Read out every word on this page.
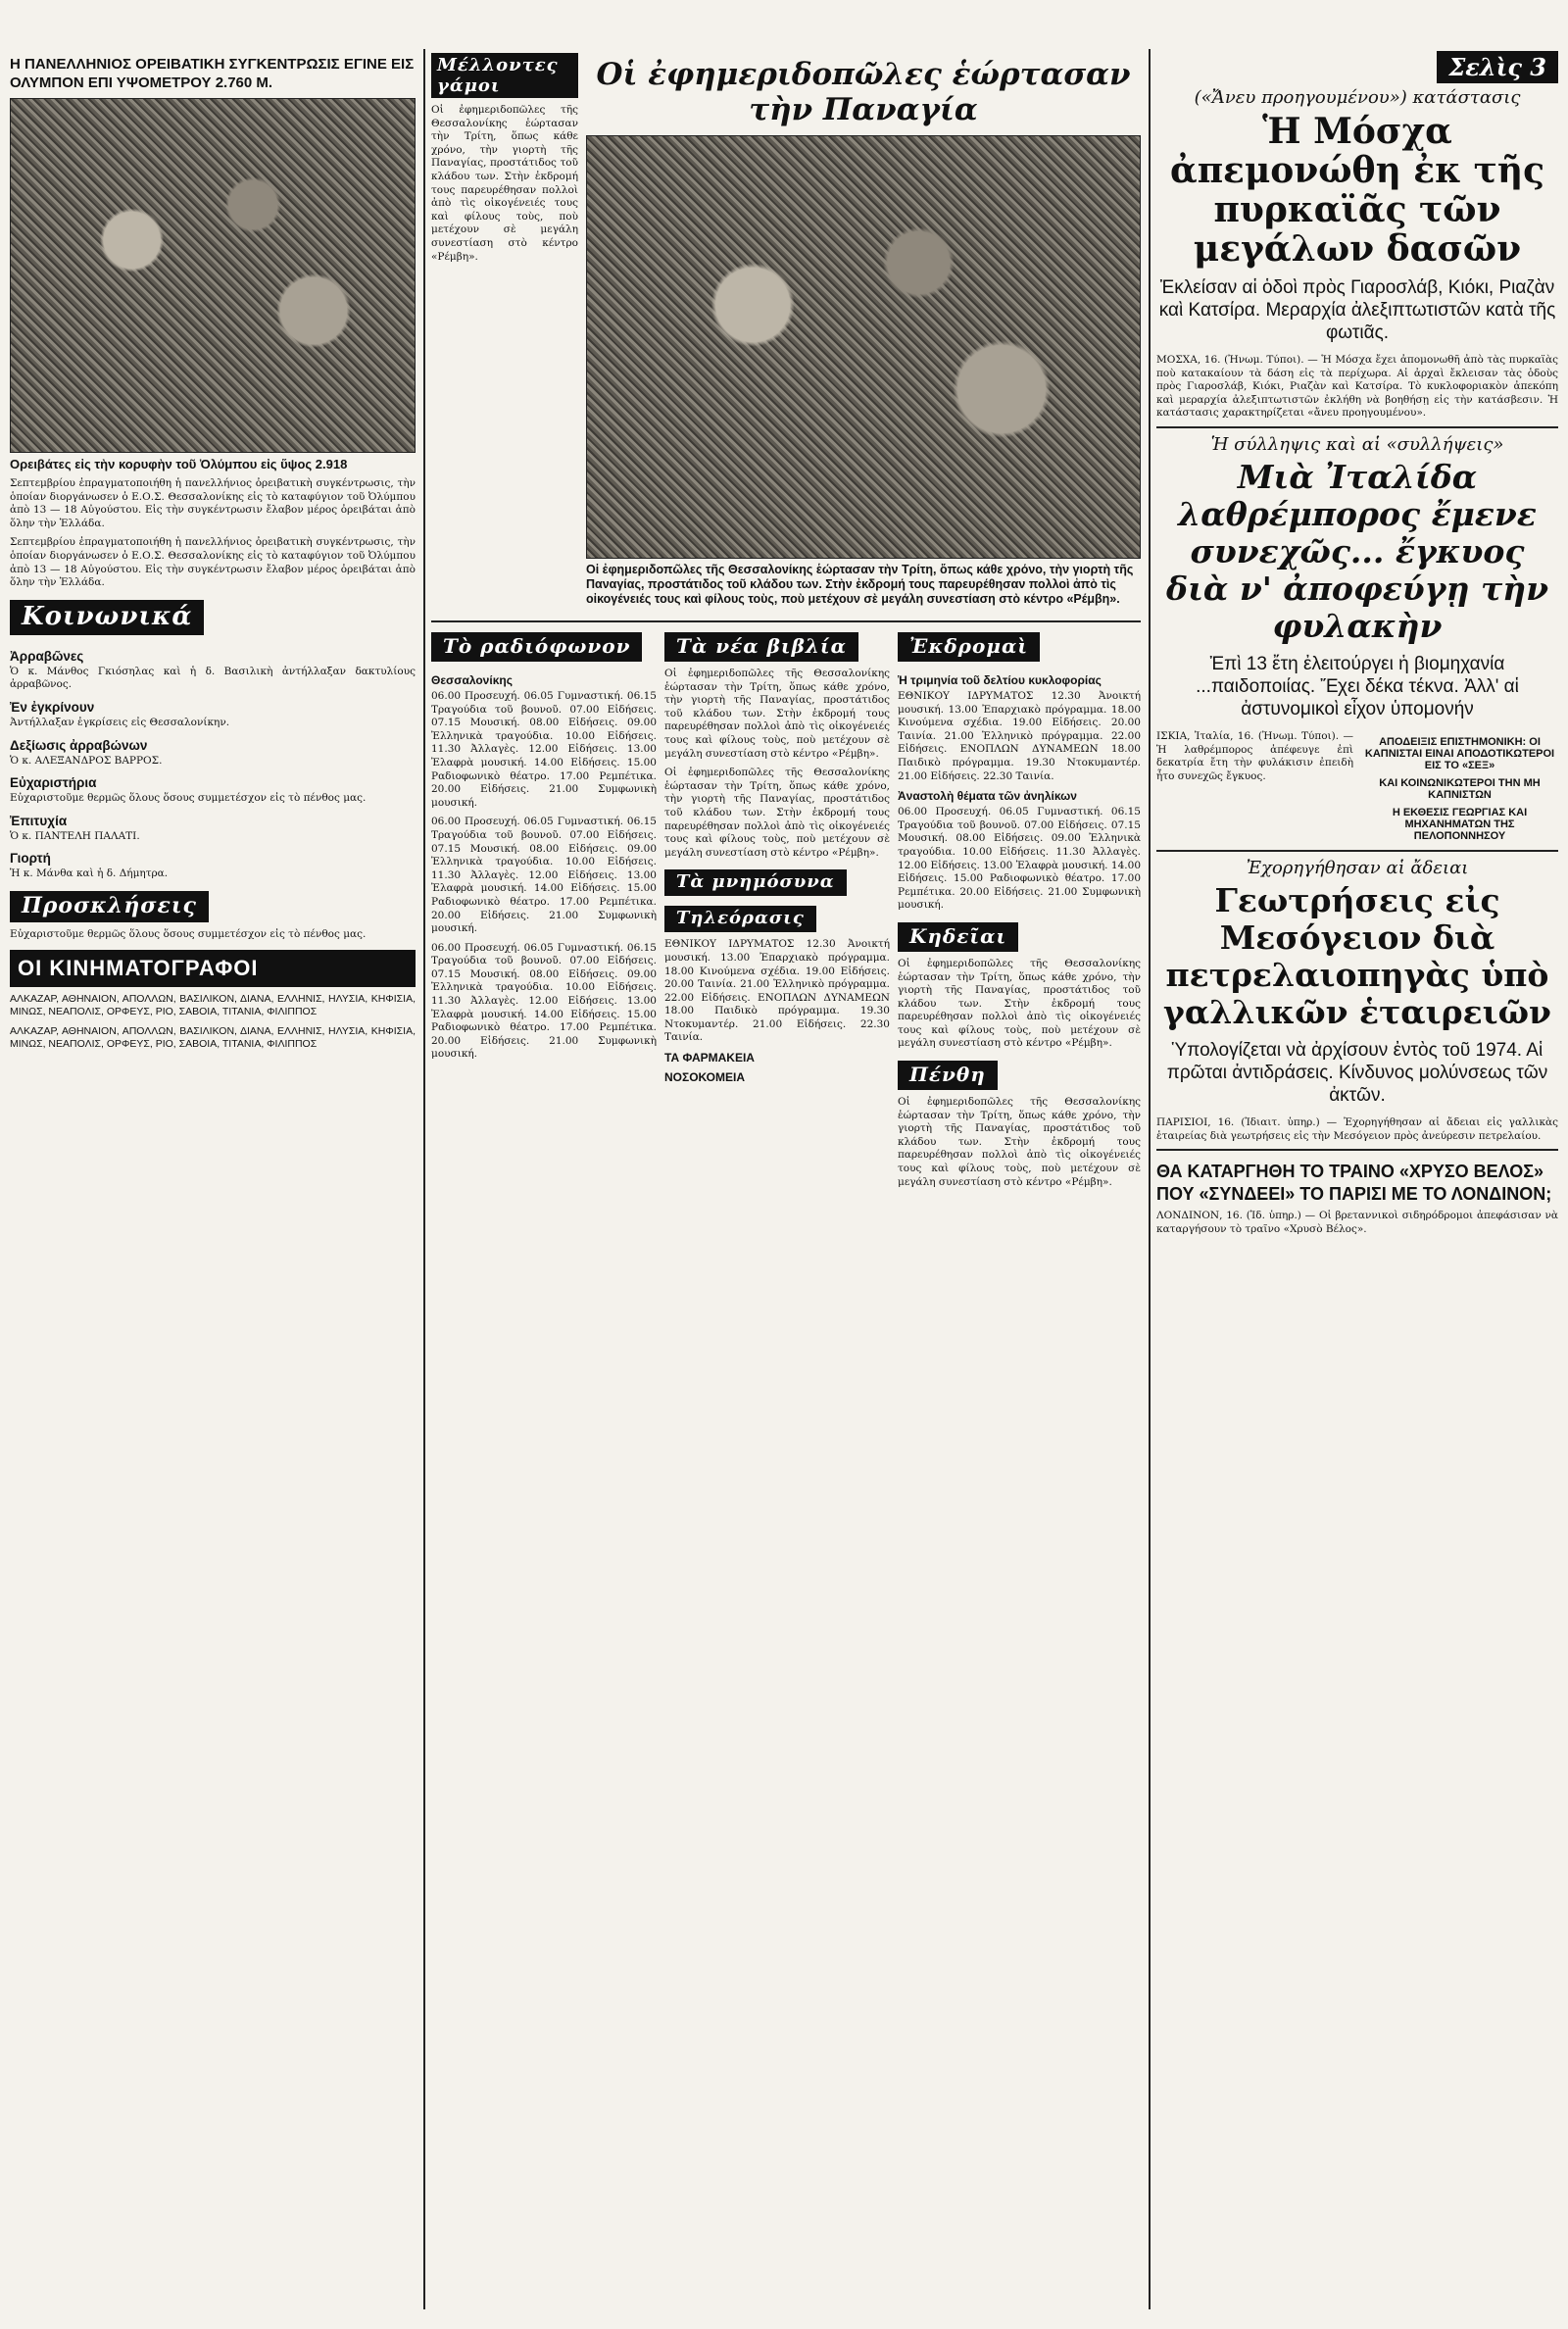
Η ΠΑΝΕΛΛΗΝΙΟΣ ΟΡΕΙΒΑΤΙΚΗ ΣΥΓΚΕΝΤΡΩΣΙΣ ΕΓΙΝΕ ΕΙΣ ΟΛΥΜΠΟΝ ΕΠΙ ΥΨΟΜΕΤΡΟΥ 2.760 Μ.
Ορειβάτες εἰς τὴν κορυφὴν τοῦ Ὀλύμπου εἰς ὕψος 2.918

Σεπτεμβρίου ἐπραγματοποιήθη ἡ πανελλήνιος ὀρειβατικὴ συγκέντρωσις, τὴν ὁποίαν διοργάνωσεν ὁ Ε.Ο.Σ. Θεσσαλονίκης εἰς τὸ καταφύγιον τοῦ Ὀλύμπου ἀπὸ 13 — 18 Αὐγούστου. Εἰς τὴν συγκέντρωσιν ἔλαβον μέρος ὀρειβάται ἀπὸ ὅλην τὴν Ἑλλάδα.

Σεπτεμβρίου ἐπραγματοποιήθη ἡ πανελλήνιος ὀρειβατικὴ συγκέντρωσις, τὴν ὁποίαν διοργάνωσεν ὁ Ε.Ο.Σ. Θεσσαλονίκης εἰς τὸ καταφύγιον τοῦ Ὀλύμπου ἀπὸ 13 — 18 Αὐγούστου. Εἰς τὴν συγκέντρωσιν ἔλαβον μέρος ὀρειβάται ἀπὸ ὅλην τὴν Ἑλλάδα.

Κοινωνικά
Ἀρραβῶνες

Ὁ κ. Μάνθος Γκιόσηλας καὶ ἡ δ. Βασιλικὴ ἀντήλλαξαν δακτυλίους ἀρραβῶνος.

Ἐν ἐγκρίνουν

Ἀντήλλαξαν ἐγκρίσεις εἰς Θεσσαλονίκην.

Δεξίωσις ἀρραβώνων

Ὁ κ. ΑΛΕΞΑΝΔΡΟΣ ΒΑΡΡΟΣ.

Εὐχαριστήρια

Εὐχαριστοῦμε θερμῶς ὅλους ὅσους συμμετέσχον εἰς τὸ πένθος μας.

Ἐπιτυχία

Ὁ κ. ΠΑΝΤΕΛΗ ΠΑΛΑΤΙ.

Γιορτή

Ἡ κ. Μάνθα καὶ ἡ δ. Δήμητρα.

Προσκλήσεις

Εὐχαριστοῦμε θερμῶς ὅλους ὅσους συμμετέσχον εἰς τὸ πένθος μας.

ΟΙ ΚΙΝΗΜΑΤΟΓΡΑΦΟΙ

ΑΛΚΑΖΑΡ, ΑΘΗΝΑΙΟΝ, ΑΠΟΛΛΩΝ, ΒΑΣΙΛΙΚΟΝ, ΔΙΑΝΑ, ΕΛΛΗΝΙΣ, ΗΛΥΣΙΑ, ΚΗΦΙΣΙΑ, ΜΙΝΩΣ, ΝΕΑΠΟΛΙΣ, ΟΡΦΕΥΣ, ΡΙΟ, ΣΑΒΟΙΑ, ΤΙΤΑΝΙΑ, ΦΙΛΙΠΠΟΣ

ΑΛΚΑΖΑΡ, ΑΘΗΝΑΙΟΝ, ΑΠΟΛΛΩΝ, ΒΑΣΙΛΙΚΟΝ, ΔΙΑΝΑ, ΕΛΛΗΝΙΣ, ΗΛΥΣΙΑ, ΚΗΦΙΣΙΑ, ΜΙΝΩΣ, ΝΕΑΠΟΛΙΣ, ΟΡΦΕΥΣ, ΡΙΟ, ΣΑΒΟΙΑ, ΤΙΤΑΝΙΑ, ΦΙΛΙΠΠΟΣ

Μέλλοντες γάμοι

Οἱ ἐφημεριδοπῶλες τῆς Θεσσαλονίκης ἑώρτασαν τὴν Τρίτη, ὅπως κάθε χρόνο, τὴν γιορτὴ τῆς Παναγίας, προστάτιδος τοῦ κλάδου των. Στὴν ἐκδρομή τους παρευρέθησαν πολλοὶ ἀπὸ τὶς οἰκογένειές τους καὶ φίλους τοὺς, ποὺ μετέχουν σὲ μεγάλη συνεστίαση στὸ κέντρο «Ρέμβη».

Οἱ ἐφημεριδοπῶλες ἑώρτασαν τὴν Παναγία
Οἱ ἐφημεριδοπῶλες τῆς Θεσσαλονίκης ἑώρτασαν τὴν Τρίτη, ὅπως κάθε χρόνο, τὴν γιορτὴ τῆς Παναγίας, προστάτιδος τοῦ κλάδου των. Στὴν ἐκδρομή τους παρευρέθησαν πολλοὶ ἀπὸ τὶς οἰκογένειές τους καὶ φίλους τοὺς, ποὺ μετέχουν σὲ μεγάλη συνεστίαση στὸ κέντρο «Ρέμβη».
Τὸ ραδιόφωνον
Θεσσαλονίκης

06.00 Προσευχή. 06.05 Γυμναστική. 06.15 Τραγούδια τοῦ βουνοῦ. 07.00 Εἰδήσεις. 07.15 Μουσική. 08.00 Εἰδήσεις. 09.00 Ἐλληνικὰ τραγούδια. 10.00 Εἰδήσεις. 11.30 Ἀλλαγὲς. 12.00 Εἰδήσεις. 13.00 Ἐλαφρὰ μουσική. 14.00 Εἰδήσεις. 15.00 Ραδιοφωνικὸ θέατρο. 17.00 Ρεμπέτικα. 20.00 Εἰδήσεις. 21.00 Συμφωνικὴ μουσική.

06.00 Προσευχή. 06.05 Γυμναστική. 06.15 Τραγούδια τοῦ βουνοῦ. 07.00 Εἰδήσεις. 07.15 Μουσική. 08.00 Εἰδήσεις. 09.00 Ἐλληνικὰ τραγούδια. 10.00 Εἰδήσεις. 11.30 Ἀλλαγὲς. 12.00 Εἰδήσεις. 13.00 Ἐλαφρὰ μουσική. 14.00 Εἰδήσεις. 15.00 Ραδιοφωνικὸ θέατρο. 17.00 Ρεμπέτικα. 20.00 Εἰδήσεις. 21.00 Συμφωνικὴ μουσική.

06.00 Προσευχή. 06.05 Γυμναστική. 06.15 Τραγούδια τοῦ βουνοῦ. 07.00 Εἰδήσεις. 07.15 Μουσική. 08.00 Εἰδήσεις. 09.00 Ἐλληνικὰ τραγούδια. 10.00 Εἰδήσεις. 11.30 Ἀλλαγὲς. 12.00 Εἰδήσεις. 13.00 Ἐλαφρὰ μουσική. 14.00 Εἰδήσεις. 15.00 Ραδιοφωνικὸ θέατρο. 17.00 Ρεμπέτικα. 20.00 Εἰδήσεις. 21.00 Συμφωνικὴ μουσική.

Τὰ νέα βιβλία

Οἱ ἐφημεριδοπῶλες τῆς Θεσσαλονίκης ἑώρτασαν τὴν Τρίτη, ὅπως κάθε χρόνο, τὴν γιορτὴ τῆς Παναγίας, προστάτιδος τοῦ κλάδου των. Στὴν ἐκδρομή τους παρευρέθησαν πολλοὶ ἀπὸ τὶς οἰκογένειές τους καὶ φίλους τοὺς, ποὺ μετέχουν σὲ μεγάλη συνεστίαση στὸ κέντρο «Ρέμβη».

Οἱ ἐφημεριδοπῶλες τῆς Θεσσαλονίκης ἑώρτασαν τὴν Τρίτη, ὅπως κάθε χρόνο, τὴν γιορτὴ τῆς Παναγίας, προστάτιδος τοῦ κλάδου των. Στὴν ἐκδρομή τους παρευρέθησαν πολλοὶ ἀπὸ τὶς οἰκογένειές τους καὶ φίλους τοὺς, ποὺ μετέχουν σὲ μεγάλη συνεστίαση στὸ κέντρο «Ρέμβη».

Τὰ μνημόσυνα Τηλεόρασις

ΕΘΝΙΚΟΥ ΙΔΡΥΜΑΤΟΣ 12.30 Ἀνοικτή μουσική. 13.00 Ἐπαρχιακὸ πρόγραμμα. 18.00 Κινούμενα σχέδια. 19.00 Εἰδήσεις. 20.00 Ταινία. 21.00 Ἑλληνικὸ πρόγραμμα. 22.00 Εἰδήσεις. ΕΝΟΠΛΩΝ ΔΥΝΑΜΕΩΝ 18.00 Παιδικὸ πρόγραμμα. 19.30 Ντοκυμαντέρ. 21.00 Εἰδήσεις. 22.30 Ταινία.

ΤΑ ΦΑΡΜΑΚΕΙΑ
ΝΟΣΟΚΟΜΕΙΑ
Ἐκδρομαὶ
Ἡ τριμηνία τοῦ δελτίου κυκλοφορίας

ΕΘΝΙΚΟΥ ΙΔΡΥΜΑΤΟΣ 12.30 Ἀνοικτή μουσική. 13.00 Ἐπαρχιακὸ πρόγραμμα. 18.00 Κινούμενα σχέδια. 19.00 Εἰδήσεις. 20.00 Ταινία. 21.00 Ἑλληνικὸ πρόγραμμα. 22.00 Εἰδήσεις. ΕΝΟΠΛΩΝ ΔΥΝΑΜΕΩΝ 18.00 Παιδικὸ πρόγραμμα. 19.30 Ντοκυμαντέρ. 21.00 Εἰδήσεις. 22.30 Ταινία.

Ἀναστολὴ θέματα τῶν ἀνηλίκων

06.00 Προσευχή. 06.05 Γυμναστική. 06.15 Τραγούδια τοῦ βουνοῦ. 07.00 Εἰδήσεις. 07.15 Μουσική. 08.00 Εἰδήσεις. 09.00 Ἐλληνικὰ τραγούδια. 10.00 Εἰδήσεις. 11.30 Ἀλλαγὲς. 12.00 Εἰδήσεις. 13.00 Ἐλαφρὰ μουσική. 14.00 Εἰδήσεις. 15.00 Ραδιοφωνικὸ θέατρο. 17.00 Ρεμπέτικα. 20.00 Εἰδήσεις. 21.00 Συμφωνικὴ μουσική.

Κηδεῖαι

Οἱ ἐφημεριδοπῶλες τῆς Θεσσαλονίκης ἑώρτασαν τὴν Τρίτη, ὅπως κάθε χρόνο, τὴν γιορτὴ τῆς Παναγίας, προστάτιδος τοῦ κλάδου των. Στὴν ἐκδρομή τους παρευρέθησαν πολλοὶ ἀπὸ τὶς οἰκογένειές τους καὶ φίλους τοὺς, ποὺ μετέχουν σὲ μεγάλη συνεστίαση στὸ κέντρο «Ρέμβη».

Πένθη

Οἱ ἐφημεριδοπῶλες τῆς Θεσσαλονίκης ἑώρτασαν τὴν Τρίτη, ὅπως κάθε χρόνο, τὴν γιορτὴ τῆς Παναγίας, προστάτιδος τοῦ κλάδου των. Στὴν ἐκδρομή τους παρευρέθησαν πολλοὶ ἀπὸ τὶς οἰκογένειές τους καὶ φίλους τοὺς, ποὺ μετέχουν σὲ μεγάλη συνεστίαση στὸ κέντρο «Ρέμβη».

Σελὶς 3
(«Ἄνευ προηγουμένου») κατάστασις
Ἡ Μόσχα ἀπεμονώθη ἐκ τῆς πυρκαϊᾶς τῶν μεγάλων δασῶν
Ἐκλείσαν αἱ ὁδοὶ πρὸς Γιαροσλάβ, Κιόκι, Ριαζὰν καὶ Κατσίρα. Μεραρχία ἀλεξιπτωτιστῶν κατὰ τῆς φωτιᾶς.

ΜΟΣΧΑ, 16. (Ἠνωμ. Τύποι). — Ἡ Μόσχα ἔχει ἀπομονωθῆ ἀπὸ τὰς πυρκαϊὰς ποὺ κατακαίουν τὰ δάση εἰς τὰ περίχωρα. Αἱ ἀρχαὶ ἔκλεισαν τὰς ὁδοὺς πρὸς Γιαροσλάβ, Κιόκι, Ριαζὰν καὶ Κατσίρα. Τὸ κυκλοφοριακὸν ἀπεκόπη καὶ μεραρχία ἀλεξιπτωτιστῶν ἐκλήθη νὰ βοηθήσῃ εἰς τὴν κατάσβεσιν. Ἡ κατάστασις χαρακτηρίζεται «ἄνευ προηγουμένου».

Ἡ σύλληψις καὶ αἱ «συλλήψεις»
Μιὰ Ἰταλίδα λαθρέμπορος ἔμενε συνεχῶς... ἔγκυος διὰ ν' ἀποφεύγῃ τὴν φυλακὴν
Ἐπὶ 13 ἔτη ἐλειτούργει ἡ βιομηχανία ...παιδοποιίας. Ἔχει δέκα τέκνα. Ἀλλ' αἱ ἀστυνομικοὶ εἶχον ὑπομονήν

ΙΣΚΙΑ, Ἰταλία, 16. (Ἠνωμ. Τύποι). — Ἡ λαθρέμπορος ἀπέφευγε ἐπὶ δεκατρία ἔτη τὴν φυλάκισιν ἐπειδὴ ἦτο συνεχῶς ἔγκυος.

ΑΠΟΔΕΙΞΙΣ ΕΠΙΣΤΗΜΟΝΙΚΗ: ΟΙ ΚΑΠΝΙΣΤΑΙ ΕΙΝΑΙ ΑΠΟΔΟΤΙΚΩΤΕΡΟΙ ΕΙΣ ΤΟ «ΣΕΞ»
ΚΑΙ ΚΟΙΝΩΝΙΚΩΤΕΡΟΙ ΤΗΝ ΜΗ ΚΑΠΝΙΣΤΩΝ
Η ΕΚΘΕΣΙΣ ΓΕΩΡΓΙΑΣ ΚΑΙ ΜΗΧΑΝΗΜΑΤΩΝ ΤΗΣ ΠΕΛΟΠΟΝΝΗΣΟΥ
Ἐχορηγήθησαν αἱ ἄδειαι
Γεωτρήσεις εἰς Μεσόγειον διὰ πετρελαιοπηγὰς ὑπὸ γαλλικῶν ἑταιρειῶν
Ὑπολογίζεται νὰ ἀρχίσουν ἐντὸς τοῦ 1974. Αἱ πρῶται ἀντιδράσεις. Κίνδυνος μολύνσεως τῶν ἀκτῶν.

ΠΑΡΙΣΙΟΙ, 16. (Ἰδιαιτ. ὑπηρ.) — Ἐχορηγήθησαν αἱ ἄδειαι εἰς γαλλικὰς ἑταιρείας διὰ γεωτρήσεις εἰς τὴν Μεσόγειον πρὸς ἀνεύρεσιν πετρελαίου.

ΘΑ ΚΑΤΑΡΓΗΘΗ ΤΟ ΤΡΑΙΝΟ «ΧΡΥΣΟ ΒΕΛΟΣ» ΠΟΥ «ΣΥΝΔΕΕΙ» ΤΟ ΠΑΡΙΣΙ ΜΕ ΤΟ ΛΟΝΔΙΝΟΝ;

ΛΟΝΔΙΝΟΝ, 16. (Ἰδ. ὑπηρ.) — Οἱ βρεταννικοὶ σιδηρόδρομοι ἀπεφάσισαν νὰ καταργήσουν τὸ τραῖνο «Χρυσὸ Βέλος».
